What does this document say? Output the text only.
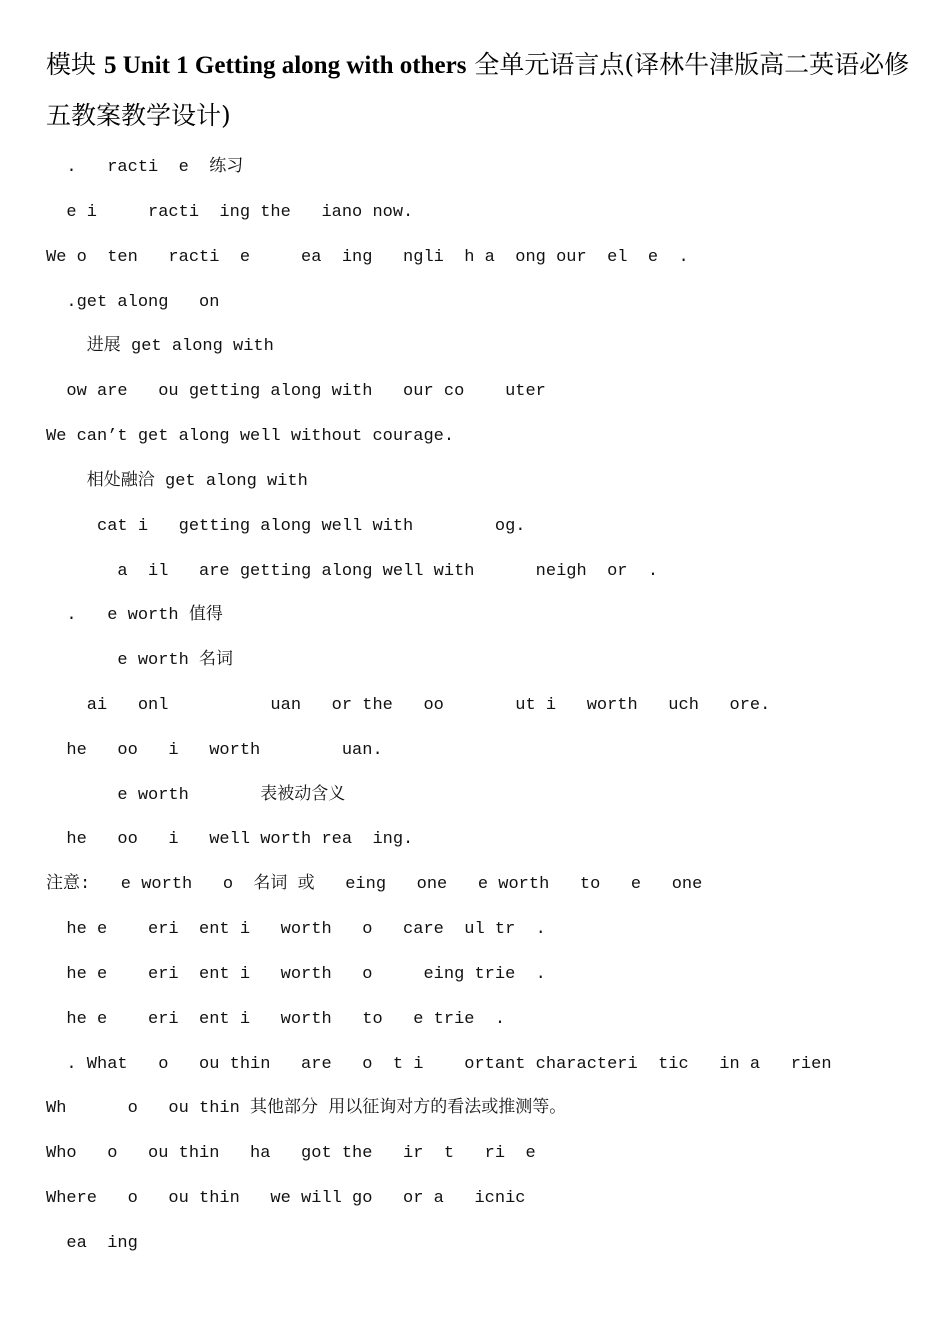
模块 5 Unit 1 Getting along with others 全单元语言点(译林牛津版高二英语必修五教案教学设计)
.   racti  e  练习
e i     racti  ing the   iano now.
We o  ten   racti  e     ea  ing   ngli  h a  ong our  el  e  .
.get along   on
进展 get along with
ow are   ou getting along with   our co    uter
We can’t get along well without courage.
相处融洽 get along with
cat i   getting along well with        og.
a  il   are getting along well with      neigh  or  .
.   e worth 值得
e worth 名词
ai   onl          uan   or the   oo       ut i   worth   uch   ore.
he   oo   i   worth        uan.
e worth       表被动含义
he   oo   i   well worth rea  ing.
注意:   e worth   o  名词 或   eing   one   e worth   to   e   one
he e    eri  ent i   worth   o   care  ul tr  .
he e    eri  ent i   worth   o     eing trie  .
he e    eri  ent i   worth   to   e trie  .
. What   o   ou thin   are   o  t i    ortant characteri  tic   in a   rien
Wh      o   ou thin 其他部分 用以征询对方的看法或推测等。
Who   o   ou thin   ha   got the   ir  t   ri  e
Where   o   ou thin   we will go   or a   icnic
ea  ing
